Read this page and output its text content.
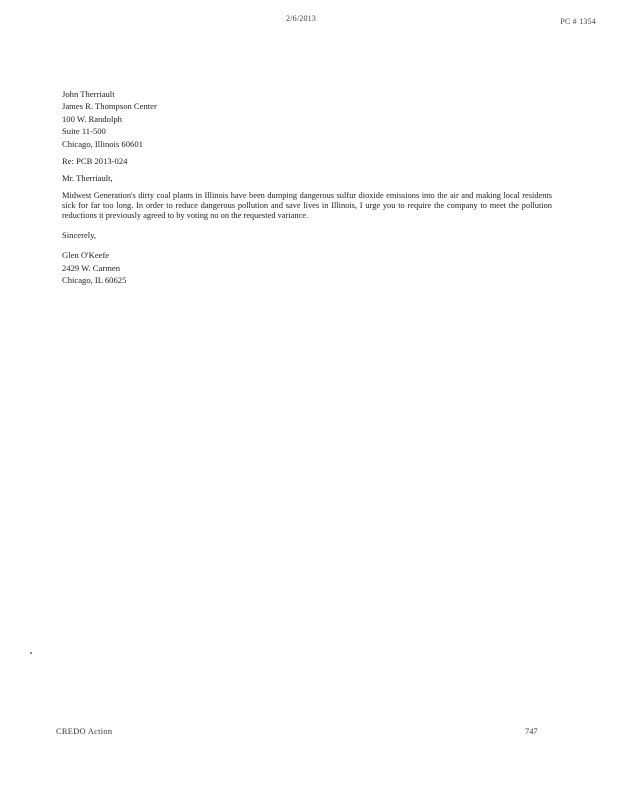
2/6/2013	PC # 1354
John Therriault
James R. Thompson Center
100 W. Randolph
Suite 11-500
Chicago, Illinois 60601
Re: PCB 2013-024
Mr. Therriault,
Midwest Generation's dirty coal plants in Illinois have been dumping dangerous sulfur dioxide emissions into the air and making local residents sick for far too long. In order to reduce dangerous pollution and save lives in Illinois, I urge you to require the company to meet the pollution reductions it previously agreed to by voting no on the requested variance.
Sincerely,
Glen O'Keefe
2429 W. Carmen
Chicago, IL 60625
CREDO Action	747
